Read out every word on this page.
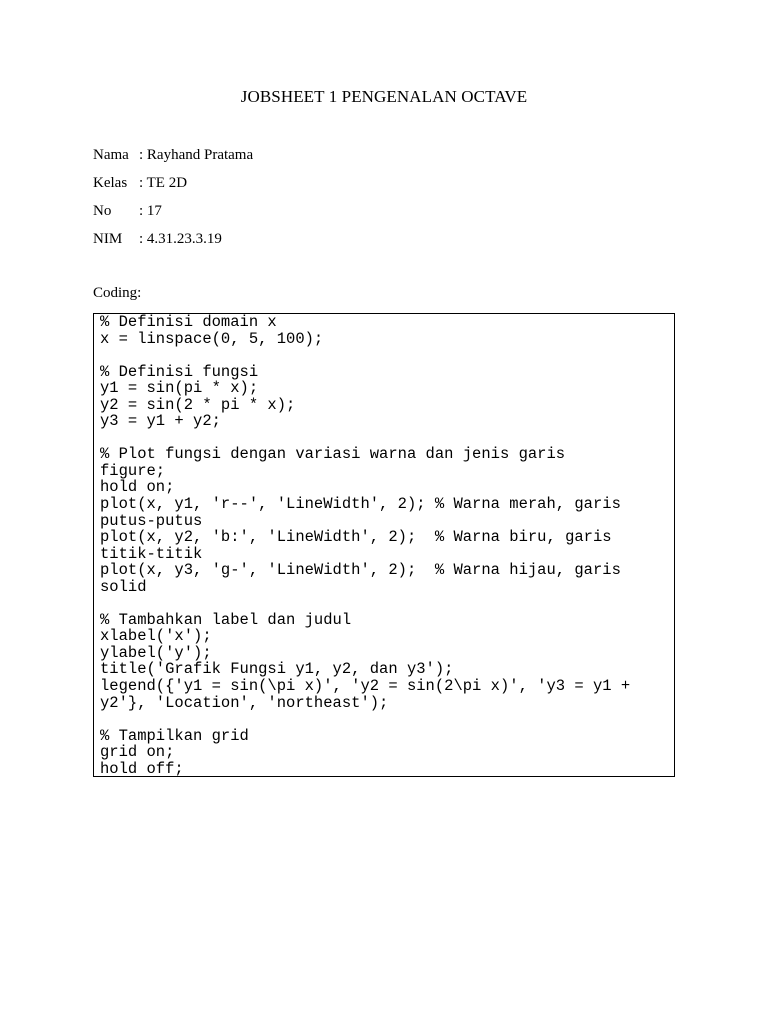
JOBSHEET 1 PENGENALAN OCTAVE
Nama : Rayhand Pratama
Kelas : TE 2D
No : 17
NIM : 4.31.23.3.19
Coding:
% Definisi domain x
x = linspace(0, 5, 100);

% Definisi fungsi
y1 = sin(pi * x);
y2 = sin(2 * pi * x);
y3 = y1 + y2;

% Plot fungsi dengan variasi warna dan jenis garis
figure;
hold on;
plot(x, y1, 'r--', 'LineWidth', 2); % Warna merah, garis
putus-putus
plot(x, y2, 'b:', 'LineWidth', 2);  % Warna biru, garis
titik-titik
plot(x, y3, 'g-', 'LineWidth', 2);  % Warna hijau, garis
solid

% Tambahkan label dan judul
xlabel('x');
ylabel('y');
title('Grafik Fungsi y1, y2, dan y3');
legend({'y1 = sin(\pi x)', 'y2 = sin(2\pi x)', 'y3 = y1 +
y2'}, 'Location', 'northeast');

% Tampilkan grid
grid on;
hold off;
